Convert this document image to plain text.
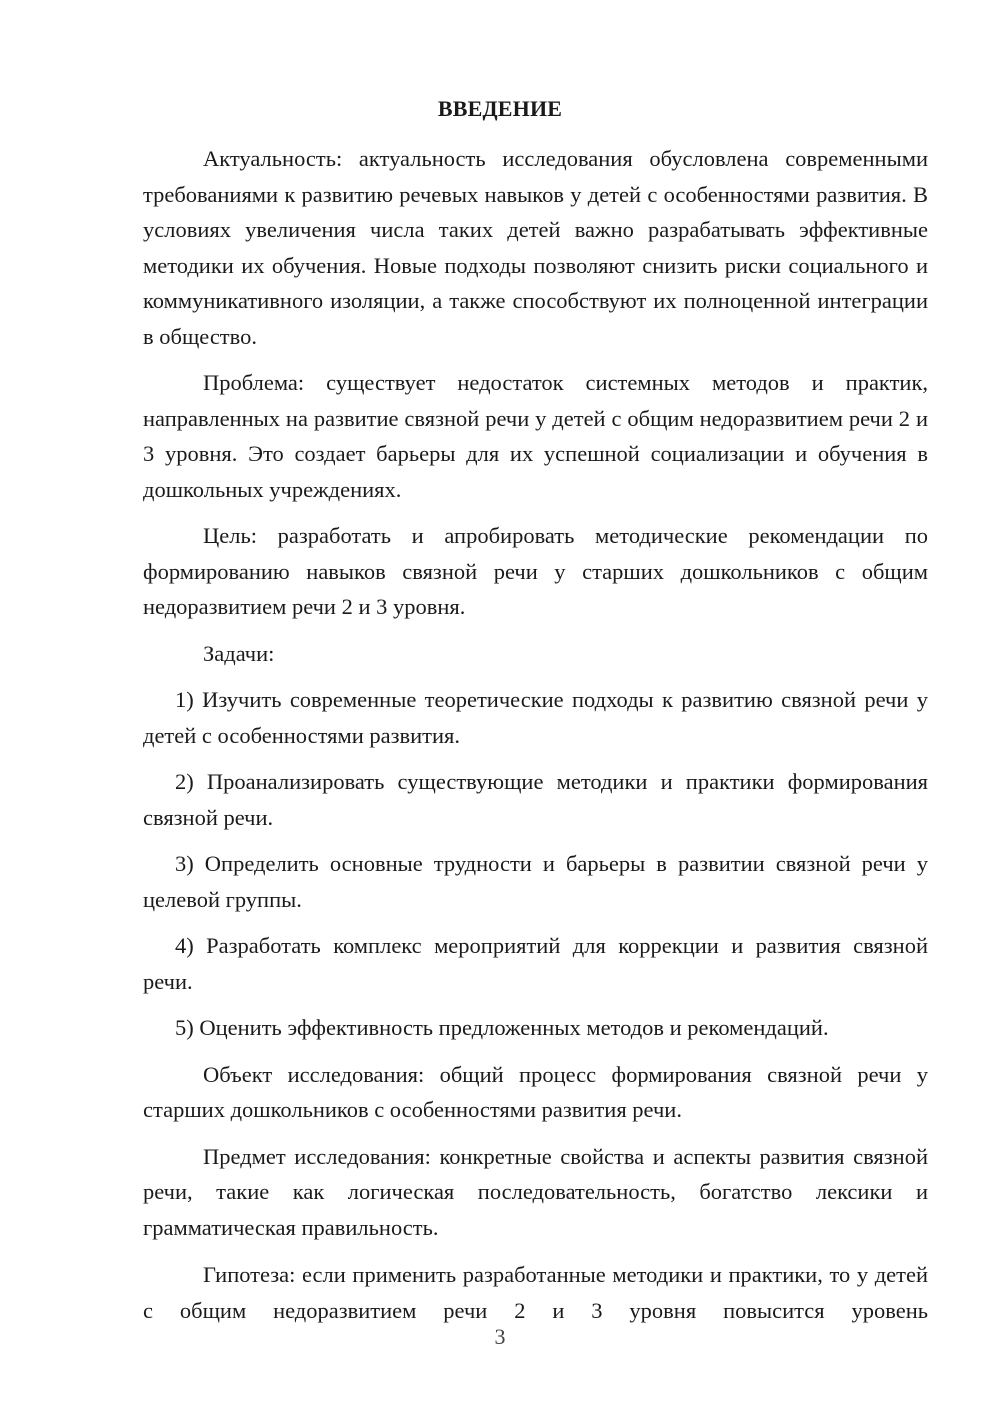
ВВЕДЕНИЕ

Актуальность: актуальность исследования обусловлена современными требованиями к развитию речевых навыков у детей с особенностями развития. В условиях увеличения числа таких детей важно разрабатывать эффективные методики их обучения. Новые подходы позволяют снизить риски социального и коммуникативного изоляции, а также способствуют их полноценной интеграции в общество.

Проблема: существует недостаток системных методов и практик, направленных на развитие связной речи у детей с общим недоразвитием речи 2 и 3 уровня. Это создает барьеры для их успешной социализации и обучения в дошкольных учреждениях.

Цель: разработать и апробировать методические рекомендации по формированию навыков связной речи у старших дошкольников с общим недоразвитием речи 2 и 3 уровня.

Задачи:

1) Изучить современные теоретические подходы к развитию связной речи у детей с особенностями развития.

2) Проанализировать существующие методики и практики формирования связной речи.

3) Определить основные трудности и барьеры в развитии связной речи у целевой группы.

4) Разработать комплекс мероприятий для коррекции и развития связной речи.

5) Оценить эффективность предложенных методов и рекомендаций.

Объект исследования: общий процесс формирования связной речи у старших дошкольников с особенностями развития речи.

Предмет исследования: конкретные свойства и аспекты развития связной речи, такие как логическая последовательность, богатство лексики и грамматическая правильность.

Гипотеза: если применить разработанные методики и практики, то у детей с общим недоразвитием речи 2 и 3 уровня повысится уровень

3
